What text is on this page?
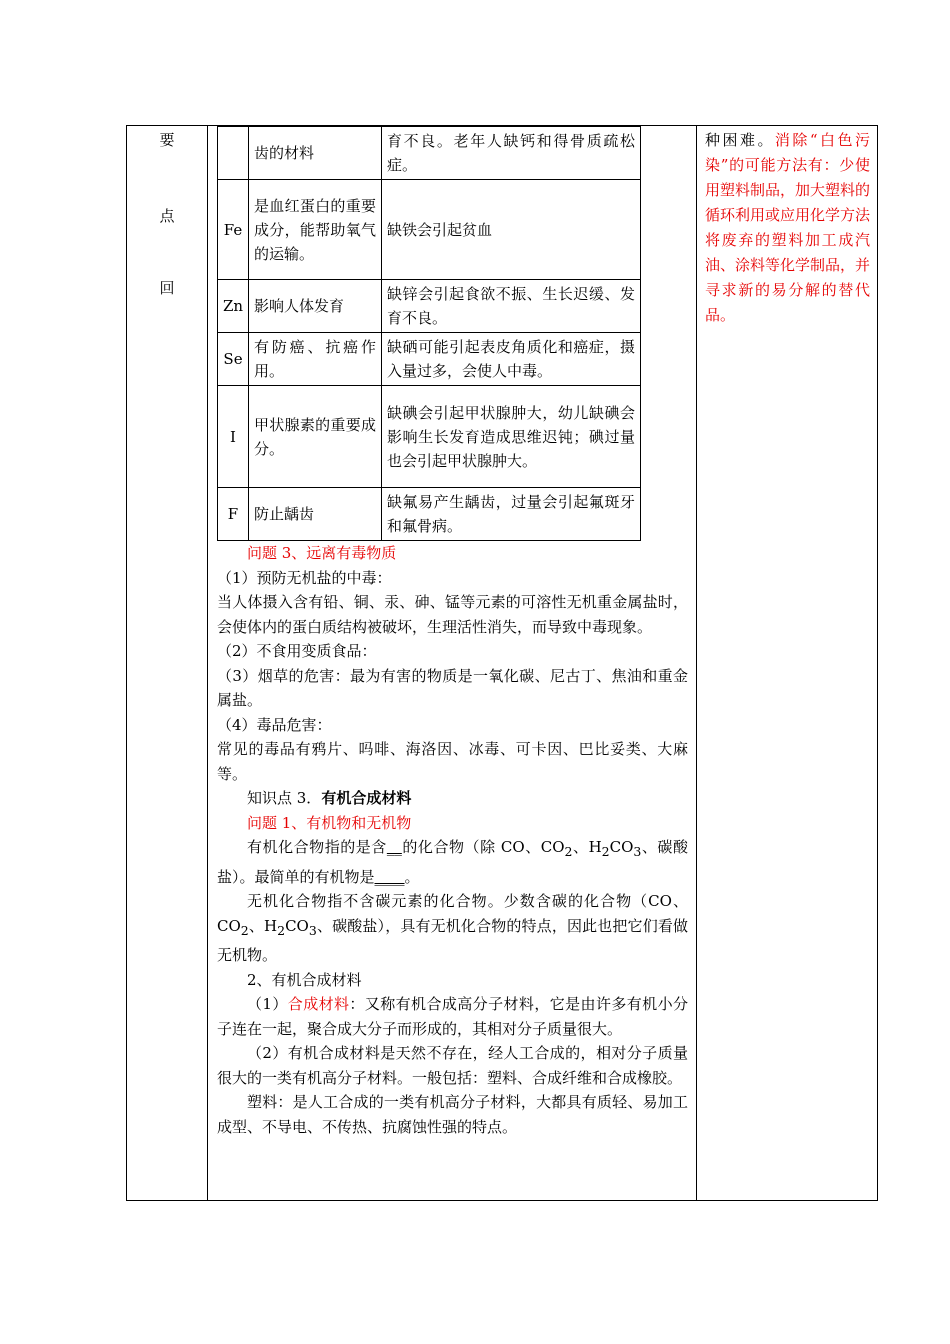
要
点
回

	齿的材料	育不良。老年人缺钙和得骨质疏松症。
Fe	是血红蛋白的重要成分，能帮助氧气的运输。	缺铁会引起贫血
Zn	影响人体发育	缺锌会引起食欲不振、生长迟缓、发育不良。
Se	有防癌、抗癌作用。	缺硒可能引起表皮角质化和癌症，摄入量过多，会使人中毒。
I	甲状腺素的重要成分。	缺碘会引起甲状腺肿大，幼儿缺碘会影响生长发育造成思维迟钝；碘过量也会引起甲状腺肿大。
F	防止龋齿	缺氟易产生龋齿，过量会引起氟斑牙和氟骨病。

问题 3、远离有毒物质

（1）预防无机盐的中毒：

当人体摄入含有铅、铜、汞、砷、锰等元素的可溶性无机重金属盐时，会使体内的蛋白质结构被破坏，生理活性消失，而导致中毒现象。

（2）不食用变质食品：

（3）烟草的危害：最为有害的物质是一氧化碳、尼古丁、焦油和重金属盐。

（4）毒品危害：

常见的毒品有鸦片、吗啡、海洛因、冰毒、可卡因、巴比妥类、大麻等。

知识点 3．有机合成材料

问题 1、有机物和无机物

有机化合物指的是含__的化合物（除 CO、$CO_2$、$H_2CO_3$、碳酸盐）。最简单的有机物是____。

无机化合物指不含碳元素的化合物。少数含碳的化合物（CO、$CO_2$、$H_2CO_3$、碳酸盐），具有无机化合物的特点，因此也把它们看做无机物。

2、有机合成材料

（1）合成材料：又称有机合成高分子材料，它是由许多有机小分子连在一起，聚合成大分子而形成的，其相对分子质量很大。

（2）有机合成材料是天然不存在，经人工合成的，相对分子质量很大的一类有机高分子材料。一般包括：塑料、合成纤维和合成橡胶。

塑料：是人工合成的一类有机高分子材料，大都具有质轻、易加工成型、不导电、不传热、抗腐蚀性强的特点。

种困难。消除“白色污染”的可能方法有：少使用塑料制品，加大塑料的循环利用或应用化学方法将废弃的塑料加工成汽油、涂料等化学制品，并寻求新的易分解的替代品。
